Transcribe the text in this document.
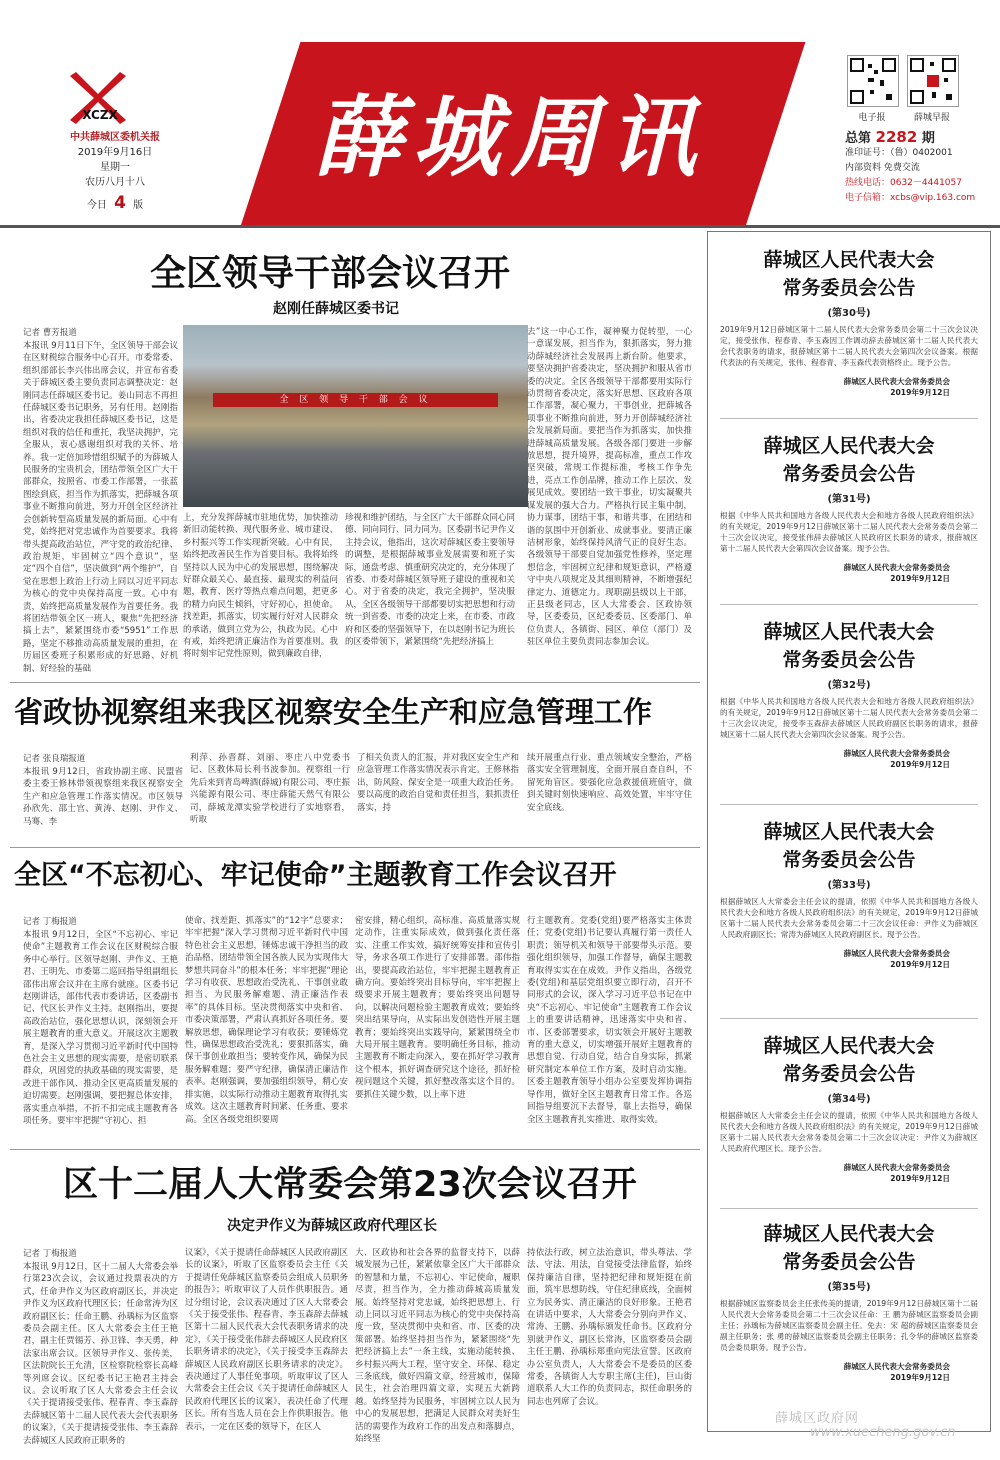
XCZX
中共薛城区委机关报
2019年9月16日
星期一
农历八月十八
今日 4 版
薛城周讯	电子报	薛城早报
总第 2282 期
准印证号：（鲁）0402001
内部资料 免费交流
热线电话：0632－4441057
电子信箱：xcbs@vip.163.com
全区领导干部会议召开
赵刚任薛城区委书记
记者 曹芳报道
本报讯 9月11日下午，全区领导干部会议在区财税综合服务中心召开。市委常委、组织部部长李兴伟出席会议，并宣布省委关于薛城区委主要负责同志调整决定：赵刚同志任薛城区委书记。姜山同志不再担任薛城区委书记职务，另有任用。赵刚指出，省委决定我担任薛城区委书记，这是组织对我的信任和重托，我坚决拥护，完全服从，衷心感谢组织对我的关怀、培养。我一定倍加珍惜组织赋予的为薛城人民服务的宝贵机会，团结带领全区广大干部群众，按照省、市委工作部署，一张蓝图绘到底，担当作为抓落实，把薛城各项事业不断推向前进，努力开创全区经济社会创新转型高质量发展的新局面。心中有党，始终把对党忠诚作为首要要求。我将带头提高政治站位，严守党的政治纪律、政治规矩，牢固树立“四个意识”，坚定“四个自信”，坚决做到“两个维护”，自觉在思想上政治上行动上同以习近平同志为核心的党中央保持高度一致。心中有责，始终把高质量发展作为首要任务。我将团结带领全区一班人，聚焦“先把经济搞上去”，紧紧围绕市委“5951”工作思路，坚定不移推动高质量发展的重担，在历届区委班子积累形成的好思路、好机制、好经验的基础
全 区 领 导 干 部 会 议
上，充分发挥薛城市驻地优势，加快推动新旧动能转换、现代服务业、城市建设、乡村振兴等工作实现新突破。心中有民，始终把改善民生作为首要目标。我将始终坚持以人民为中心的发展思想，围绕解决好群众最关心、最直接、最现实的利益问题，教育、医疗等热点难点问题，把更多的精力向民生倾斜，守好初心，担使命。找差距，抓落实，切实履行好对人民群众的承诺，做到立党为公，执政为民。心中有戒，始终把清正廉洁作为首要准则。我将时刻牢记党性原则，做到廉政自律，
珍视和维护团结，与全区广大干部群众同心同德、同向同行、同力同为。区委副书记尹作义主持会议，他指出，这次对薛城区委主要领导的调整，是根据薛城事业发展需要和班子实际，通盘考虑、慎重研究决定的，充分体现了省委、市委对薛城区领导班子建设的重视和关心。对于省委的决定，我完全拥护，坚决服从，全区各级领导干部都要切实把思想和行动统一到省委、市委的决定上来，在市委、市政府和区委的坚强领导下，在以赵刚书记为班长的区委带领下，紧紧围绕“先把经济搞上
去”这一中心工作，凝神聚力促转型，一心一意谋发展，担当作为，狠抓落实，努力推动薛城经济社会发展再上新台阶。他要求，要坚决拥护省委决定，坚决拥护和服从省市委的决定。全区各级领导干部都要用实际行动贯彻省委决定，落实好思想、区政府各项工作部署，凝心聚力，干事创业，把薛城各项事业不断推向前进，努力开创薛城经济社会发展新局面。要把当作为抓落实，加快推进薛城高质量发展。各级各部门要进一步解放思想，提升境界，提高标准，重点工作攻坚突破，常规工作提标准，考核工作争先进，亮点工作创品牌，推动工作上层次、发展见成效。要团结一致干事业，切实凝聚共谋发展的强大合力。严格执行民主集中制，协力谋事，团结干事，和谐共事，在团结和谐的氛围中开创新业、成就事业。要清正廉洁树形象，始终保持风清气正的良好生态。各级领导干部要自觉加强党性修养，坚定理想信念，牢固树立纪律和规矩意识，严格遵守中央八项规定及其细则精神，不断增强纪律定力、道德定力。现职副县级以上干部，正县级老同志，区人大常委会、区政协领导，区委委员，区纪委委员、区委部门、单位负责人，各镇街、园区、单位（部门）及驻区单位主要负责同志参加会议。
省政协视察组来我区视察安全生产和应急管理工作
记者 张良瑞报道
本报讯 9月12日，省政协副主席、民盟省委主委王修林带领视察组来我区视察安全生产和应急管理工作落实情况。市区领导孙欣先、邵士官、黄涛、赵刚、尹作义、马骞、李
利萍、孙晋群、刘丽、枣庄八中党委书记、区教体局长利书波参加。视察组一行先后来到青岛啤酒(薛城)有限公司、枣庄振兴能源有限公司、枣庄薛能天然气有限公司，薛城龙潭实验学校进行了实地察看，听取
了相关负责人的汇报，并对我区安全生产和应急管理工作落实情况表示肯定。王修林指出，防风险、保安全是一项重大政治任务。要以高度的政治自觉和责任担当，狠抓责任落实，持
续开展重点行业、重点领域安全整治，严格落实安全管理制度，全面开展自查自纠，不留死角盲区。要强化应急救援值班值守，做到关键时刻快速响应、高效处置，牢牢守住安全底线。
全区“不忘初心、牢记使命”主题教育工作会议召开
记者 丁梅报道
本报讯 9月12日，全区“不忘初心、牢记使命”主题教育工作会议在区财税综合服务中心举行。区领导赵刚、尹作义、王艳君、王明先、市委第二巡回指导组副组长邵伟出席会议并在主席台就座。区委书记赵刚讲话，部伟代表市委讲话，区委副书记、代区长尹作义主持。赵刚指出，要提高政治站位，强化思想认识，深刻领会开展主题教育的重大意义。开展这次主题教育，是深入学习贯彻习近平新时代中国特色社会主义思想的现实需要，是密切联系群众，巩固党的执政基础的现实需要，是改进干部作风、推动全区更高质量发展的迫切需要。赵刚强调，要把握总体安排，落实重点举措，不折不扣完成主题教育各项任务。要牢牢把握“守初心、担
使命、找差距、抓落实”的“12字”总要求；牢牢把握“深入学习贯彻习近平新时代中国特色社会主义思想，锤炼忠诚干净担当的政治品格，团结带领全国各族人民为实现伟大梦想共同奋斗”的根本任务；牢牢把握“理论学习有收获、思想政治受洗礼、干事创业敢担当、为民服务解难题、清正廉洁作表率”的具体目标。坚决贯彻落实中央和省、市委决策部署，严肃认真抓好各项任务。要解放思想，确保理论学习有收获；要锤炼党性，确保思想政治受洗礼；要狠抓落实，确保干事创业敢担当；要转变作风，确保为民服务解难题；要严守纪律，确保清正廉洁作表率。赵刚强调，要加强组织领导，精心安排实施，以实际行动推动主题教育取得扎实成效。这次主题教育时间紧、任务重、要求高。全区各级党组织要周
密安排，精心组织，高标准、高质量落实规定动作，注重实际成效，做到强化责任落实、注重工作实效，搞好统筹安排和宣传引导，务求各项工作进行了安排部署。邵伟指出，要提高政治站位，牢牢把握主题教育正确方向。要始终突出目标导向，牢牢把握上级要求开展主题教育；要始终突出问题导向，以解决问题检验主题教育成效；要始终突出结果导向，从实际出发创造性开展主题教育；要始终突出实践导向，紧紧围绕全市大局开展主题教育。要明确任务目标，推动主题教育不断走向深入，要在抓好学习教育这个根本，抓好调查研究这个途径，抓好检视问题这个关键，抓好整改落实这个目的。要抓住关键少数，以上率下进
行主题教育。党委(党组)要严格落实主体责任；党委(党组)书记要认真履行第一责任人职责；领导机关和领导干部要带头示范。要强化组织领导，加强工作督导，确保主题教育取得实实在在成效。尹作义指出，各级党委(党组)和基层党组织要立即行动，召开不同形式的会议，深入学习习近平总书记在中央“不忘初心、牢记使命”主题教育工作会议上的重要讲话精神，迅速落实中央和省、市、区委部署要求，切实领会开展好主题教育的重大意义，切实增强开展好主题教育的思想自觉、行动自觉，结合自身实际，抓紧研究制定本单位工作方案，及时启动实施。区委主题教育领导小组办公室要发挥协调指导作用，做好全区主题教育日常工作。各巡回指导组要沉下去督导，靠上去指导，确保全区主题教育扎实推进、取得实效。
区十二届人大常委会第23次会议召开
决定尹作义为薛城区政府代理区长
记者 丁梅报道
本报讯 9月12日，区十二届人大常委会举行第23次会议，会议通过投票表决的方式，任命尹作义为区政府副区长，并决定尹作义为区政府代理区长；任命常涛为区政府副区长；任命王鹏、孙瑀标为区监察委员会副主任。区人大常委会主任王艳君，副主任贾锡芳、孙卫锋、李天勇，种法家出席会议。区领导尹作义、张传美，区法院院长王允清，区检察院检察长高峰等列席会议。区纪委书记王艳君主持会议。会议听取了区人大常委会主任会议《关于提请接受张伟、程春青、李玉森辞去薛城区第十二届人民代表大会代表职务的议案》，《关于提请接受张伟、李玉森辞去薛城区人民政府正职务的
议案》，《关于提请任命薛城区人民政府副区长的议案》，听取了区监察委员会主任《关于提请任免薛城区监察委员会组成人员职务的报告》；听取审议了人员作供职报告。通过分组讨论，会议表决通过了区人大常委会《关于接受张伟、程春青、李玉森辞去薛城区第十二届人民代表大会代表职务请求的决定》，《关于接受张伟辞去薛城区人民政府区长职务请求的决定》，《关于接受李玉森辞去薛城区人民政府副区长职务请求的决定》。表决通过了人事任免事项。听取审议了区人大常委会主任会议《关于提请任命薛城区人民政府代理区长的议案》，表决任命了代理区长。所有当选人员在会上作供职报告。他表示，一定在区委的领导下，在区人
大、区政协和社会各界的监督支持下，以薛城发展为己任，紧紧依靠全区广大干部群众的智慧和力量，不忘初心、牢记使命，履职尽责，担当作为，全力推动薛城高质量发展。始终坚持对党忠诚，始终把思想上、行动上同以习近平同志为核心的党中央保持高度一致，坚决贯彻中央和省、市、区委的决策部署。始终坚持担当作为，紧紧围绕“先把经济搞上去”一条主线，实施动能转换、乡村振兴两大工程，坚守安全、环保、稳定三条底线，做好四篇文章，经营城市，保障民生，社会治理四篇文章，实现五大新跨越。始终坚持为民服务，牢固树立以人民为中心的发展思想，把满足人民群众对美好生活的需要作为政府工作的出发点和落脚点，始终坚
持依法行政，树立法治意识，带头尊法、学法、守法、用法，自觉接受法律监督，始终保持廉洁自律，坚持把纪律和规矩挺在前面，筑牢思想防线，守住纪律底线，全面树立为民务实、清正廉洁的良好形象。王艳君在讲话中要求，人大常委会分别向尹作义、常涛、王鹏、孙瑀标颁发任命书。区政府分别就尹作义，副区长常涛，区监察委员会副主任王鹏、孙瑀标郑重向宪法宣誓。区政府办公室负责人，人大常委会不是委员的区委常委，各镇街人大专职主席(主任)，巨山街道联系人大工作的负责同志，拟任命职务的同志也列席了会议。
薛城区人民代表大会
常务委员会公告
(第30号)
2019年9月12日薛城区第十二届人民代表大会常务委员会第二十三次会议决定，接受张伟、程春青、李玉森因工作调动辞去薛城区第十二届人民代表大会代表职务的请求，报薛城区第十二届人民代表大会第四次会议备案。根据代表法的有关规定，张伟、程春青、李玉森代表资格终止。现予公告。
薛城区人民代表大会常务委员会
2019年9月12日
薛城区人民代表大会
常务委员会公告
(第31号)
根据《中华人民共和国地方各级人民代表大会和地方各级人民政府组织法》的有关规定，2019年9月12日薛城区第十二届人民代表大会常务委员会第二十三次会议决定，接受张伟辞去薛城区人民政府区长职务的请求，报薛城区第十二届人民代表大会第四次会议备案。现予公告。
薛城区人民代表大会常务委员会
2019年9月12日
薛城区人民代表大会
常务委员会公告
(第32号)
根据《中华人民共和国地方各级人民代表大会和地方各级人民政府组织法》的有关规定，2019年9月12日薛城区第十二届人民代表大会常务委员会第二十三次会议决定，接受李玉森辞去薛城区人民政府副区长职务的请求，报薛城区第十二届人民代表大会第四次会议备案。现予公告。
薛城区人民代表大会常务委员会
2019年9月12日
薛城区人民代表大会
常务委员会公告
(第33号)
根据薛城区人大常委会主任会议的提请，依照《中华人民共和国地方各级人民代表大会和地方各级人民政府组织法》的有关规定，2019年9月12日薛城区第十二届人民代表大会常务委员会第二十三次会议任命：尹作义为薛城区人民政府副区长；常涛为薛城区人民政府副区长。现予公告。
薛城区人民代表大会常务委员会
2019年9月12日
薛城区人民代表大会
常务委员会公告
(第34号)
根据薛城区人大常委会主任会议的提请，依照《中华人民共和国地方各级人民代表大会和地方各级人民政府组织法》的有关规定，2019年9月12日薛城区第十二届人民代表大会常务委员会第二十三次会议决定：尹作义为薛城区人民政府代理区长。现予公告。
薛城区人民代表大会常务委员会
2019年9月12日
薛城区人民代表大会
常务委员会公告
(第35号)
根据薛城区监察委员会主任张传美的提请，2019年9月12日薛城区第十二届人民代表大会常务委员会第二十三次会议任命：王 鹏为薛城区监察委员会副主任；孙瑀标为薛城区监察委员会副主任。免去：宋 超的薛城区监察委员会副主任职务；张 勇的薛城区监察委员会副主任职务；孔令华的薛城区监察委员会委员职务。现予公告。
薛城区人民代表大会常务委员会
2019年9月12日
薛城区政府网
www.xuecheng.gov.cn
